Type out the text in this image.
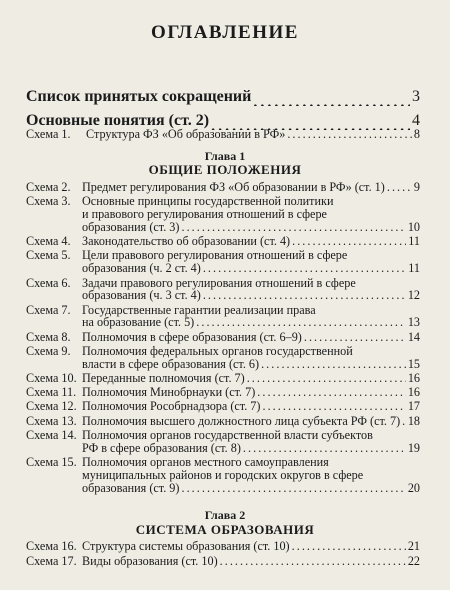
ОГЛАВЛЕНИЕ
Список принятых сокращений . . .	3
Основные понятия (ст. 2) . . .	4
Схема 1. Структура ФЗ «Об образовании в РФ» . . .	8
Глава 1
ОБЩИЕ ПОЛОЖЕНИЯ
Схема 2. Предмет регулирования ФЗ «Об образовании в РФ» (ст. 1) . . . 9
Схема 3. Основные принципы государственной политики
и правового регулирования отношений в сфере
образования (ст. 3) . . .	10
Схема 4. Законодательство об образовании (ст. 4) . . .	11
Схема 5. Цели правового регулирования отношений в сфере
образования (ч. 2 ст. 4) . . .	11
Схема 6. Задачи правового регулирования отношений в сфере
образования (ч. 3 ст. 4) . . .	12
Схема 7. Государственные гарантии реализации права
на образование (ст. 5) . . .	13
Схема 8. Полномочия в сфере образования (ст. 6–9) . . .	14
Схема 9. Полномочия федеральных органов государственной
власти в сфере образования (ст. 6) . . .	15
Схема 10. Переданные полномочия (ст. 7) . . .	16
Схема 11. Полномочия Минобрнауки (ст. 7) . . .	16
Схема 12. Полномочия Рособрнадзора (ст. 7) . . .	17
Схема 13. Полномочия высшего должностного лица субъекта РФ (ст. 7) . . . 18
Схема 14. Полномочия органов государственной власти субъектов
РФ в сфере образования (ст. 8) . . .	19
Схема 15. Полномочия органов местного самоуправления
муниципальных районов и городских округов в сфере
образования (ст. 9) . . .	20
Глава 2
СИСТЕМА ОБРАЗОВАНИЯ
Схема 16. Структура системы образования (ст. 10) . . .	21
Схема 17. Виды образования (ст. 10) . . .	22
